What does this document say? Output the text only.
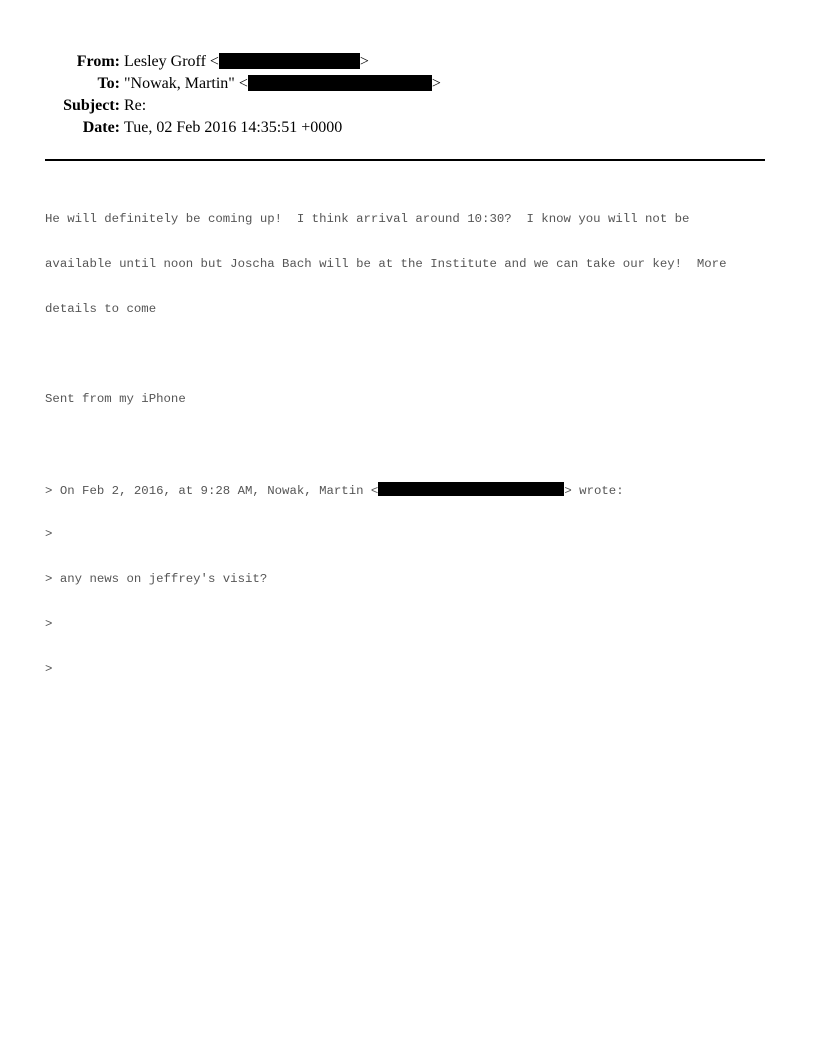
From: Lesley Groff <	>
To: "Nowak, Martin" <	>
Subject: Re:
Date: Tue, 02 Feb 2016 14:35:51 +0000

He will definitely be coming up!  I think arrival around 10:30?  I know you will not be

available until noon but Joscha Bach will be at the Institute and we can take our key!  More

details to come

Sent from my iPhone

> On Feb 2, 2016, at 9:28 AM, Nowak, Martin <	> wrote:

>

> any news on jeffrey's visit?

>

>
